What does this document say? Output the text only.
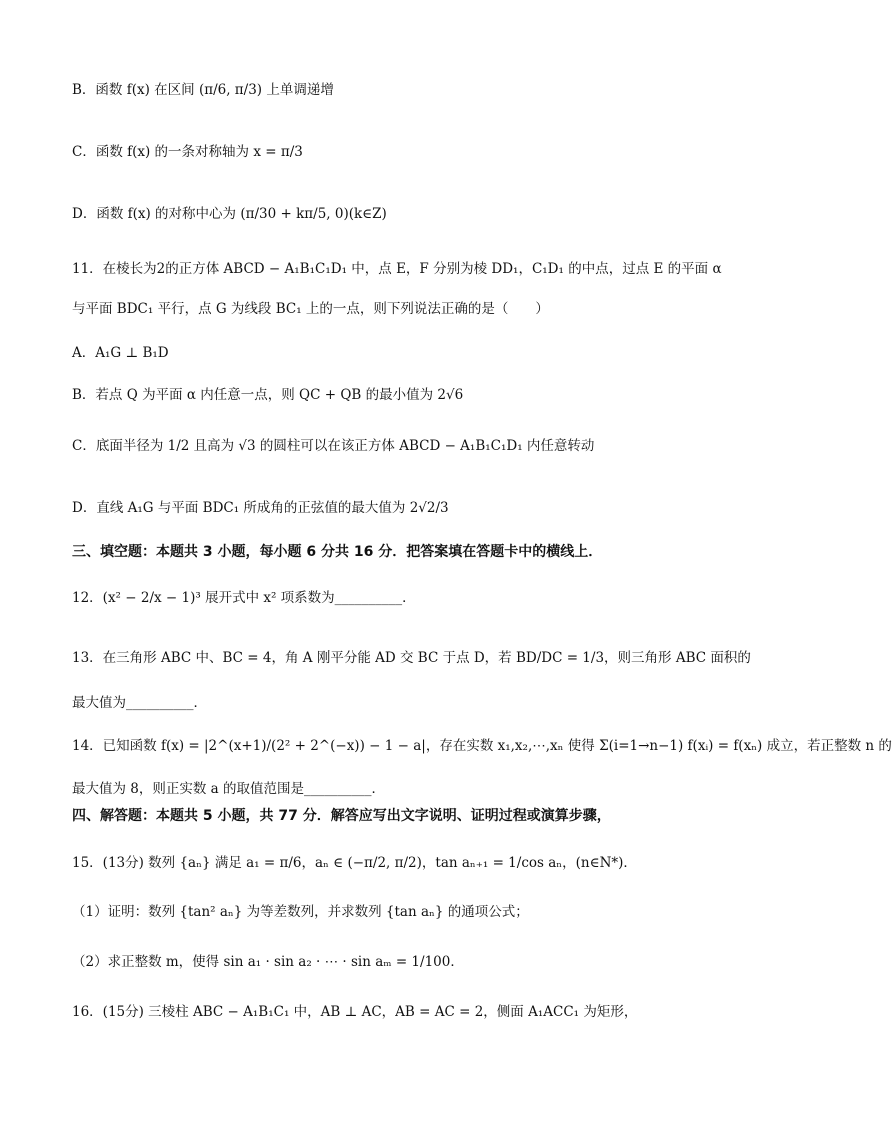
B．函数 f(x) 在区间 (π/6, π/3) 上单调递增
C．函数 f(x) 的一条对称轴为 x = π/3
D．函数 f(x) 的对称中心为 (π/30 + kπ/5, 0)(k∈Z)
11．在棱长为2的正方体 ABCD − A₁B₁C₁D₁ 中，点 E，F 分别为棱 DD₁，C₁D₁ 的中点，过点 E 的平面 α
与平面 BDC₁ 平行，点 G 为线段 BC₁ 上的一点，则下列说法正确的是（　　）
A．A₁G ⊥ B₁D
B．若点 Q 为平面 α 内任意一点，则 QC + QB 的最小值为 2√6
C．底面半径为 1/2 且高为 √3 的圆柱可以在该正方体 ABCD − A₁B₁C₁D₁ 内任意转动
D．直线 A₁G 与平面 BDC₁ 所成角的正弦值的最大值为 2√2/3
三、填空题：本题共 3 小题，每小题 6 分共 16 分．把答案填在答题卡中的横线上．
12．(x² − 2/x − 1)³ 展开式中 x² 项系数为__________．
13．在三角形 ABC 中、BC = 4，角 A 刚平分能 AD 交 BC 于点 D，若 BD/DC = 1/3，则三角形 ABC 面积的
最大值为__________．
14．已知函数 f(x) = |2^(x+1)/(2² + 2^(−x)) − 1 − a|，存在实数 x₁,x₂,⋯,xₙ 使得 Σ(i=1→n−1) f(xᵢ) = f(xₙ) 成立，若正整数 n 的
最大值为 8，则正实数 a 的取值范围是__________．
四、解答题：本题共 5 小题，共 77 分．解答应写出文字说明、证明过程或演算步骤，
15．(13分) 数列 {aₙ} 满足 a₁ = π/6，aₙ ∈ (−π/2, π/2)，tan aₙ₊₁ = 1/cos aₙ，(n∈N*)．
（1）证明：数列 {tan² aₙ} 为等差数列，并求数列 {tan aₙ} 的通项公式；
（2）求正整数 m，使得 sin a₁ · sin a₂ · ⋯ · sin aₘ = 1/100．
16．(15分) 三棱柱 ABC − A₁B₁C₁ 中，AB ⊥ AC，AB = AC = 2，侧面 A₁ACC₁ 为矩形，
